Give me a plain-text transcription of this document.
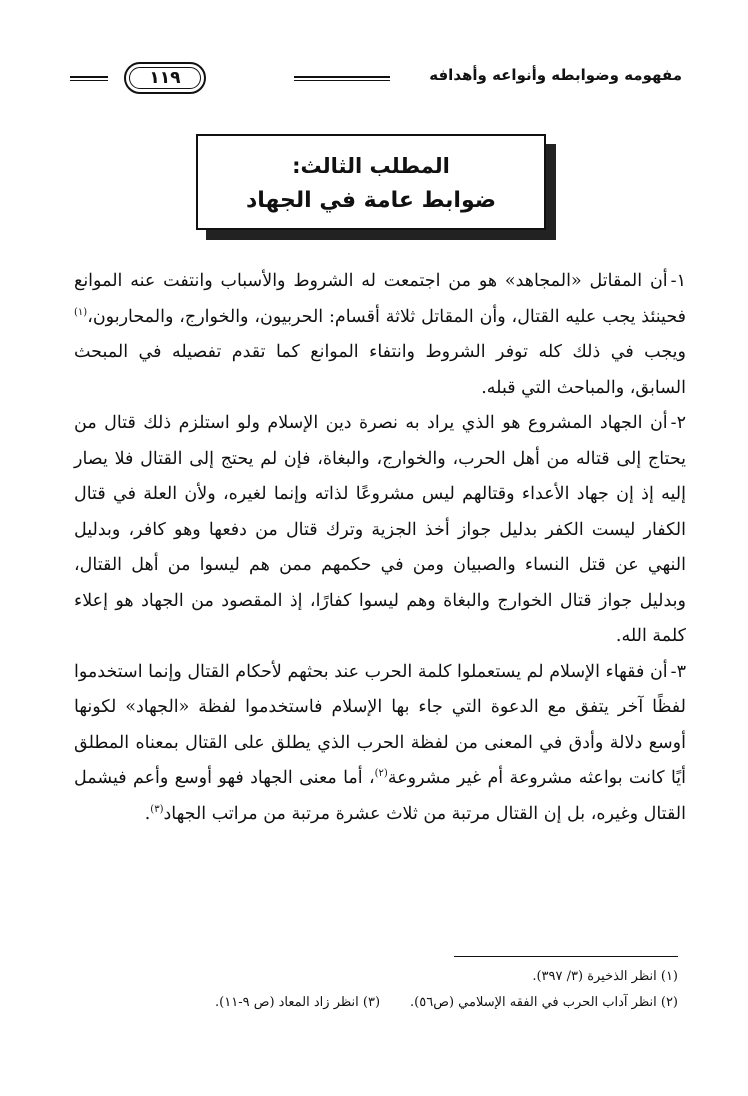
مفهومه وضوابطه وأنواعه وأهدافه
١١٩
المطلب الثالث:
ضوابط عامة في الجهاد

١-أن المقاتل «المجاهد» هو من اجتمعت له الشروط والأسباب وانتفت عنه الموانع فحينئذ يجب عليه القتال، وأن المقاتل ثلاثة أقسام: الحربيون، والخوارج، والمحاربون،$^{(١)}$ ويجب في ذلك كله توفر الشروط وانتفاء الموانع كما تقدم تفصيله في المبحث السابق، والمباحث التي قبله.

٢-أن الجهاد المشروع هو الذي يراد به نصرة دين الإسلام ولو استلزم ذلك قتال من يحتاج إلى قتاله من أهل الحرب، والخوارج، والبغاة، فإن لم يحتج إلى القتال فلا يصار إليه إذ إن جهاد الأعداء وقتالهم ليس مشروعًا لذاته وإنما لغيره، ولأن العلة في قتال الكفار ليست الكفر بدليل جواز أخذ الجزية وترك قتال من دفعها وهو كافر، وبدليل النهي عن قتل النساء والصبيان ومن في حكمهم ممن هم ليسوا من أهل القتال، وبدليل جواز قتال الخوارج والبغاة وهم ليسوا كفارًا، إذ المقصود من الجهاد هو إعلاء كلمة الله.

٣-أن فقهاء الإسلام لم يستعملوا كلمة الحرب عند بحثهم لأحكام القتال وإنما استخدموا لفظًا آخر يتفق مع الدعوة التي جاء بها الإسلام فاستخدموا لفظة «الجهاد» لكونها أوسع دلالة وأدق في المعنى من لفظة الحرب الذي يطلق على القتال بمعناه المطلق أيًا كانت بواعثه مشروعة أم غير مشروعة$^{(٢)}$، أما معنى الجهاد فهو أوسع وأعم فيشمل القتال وغيره، بل إن القتال مرتبة من ثلاث عشرة مرتبة من مراتب الجهاد$^{(٣)}$.

(١) انظر الذخيرة (٣/ ٣٩٧).
(٢) انظر آداب الحرب في الفقه الإسلامي (ص٥٦).(٣) انظر زاد المعاد (ص ٩-١١).
